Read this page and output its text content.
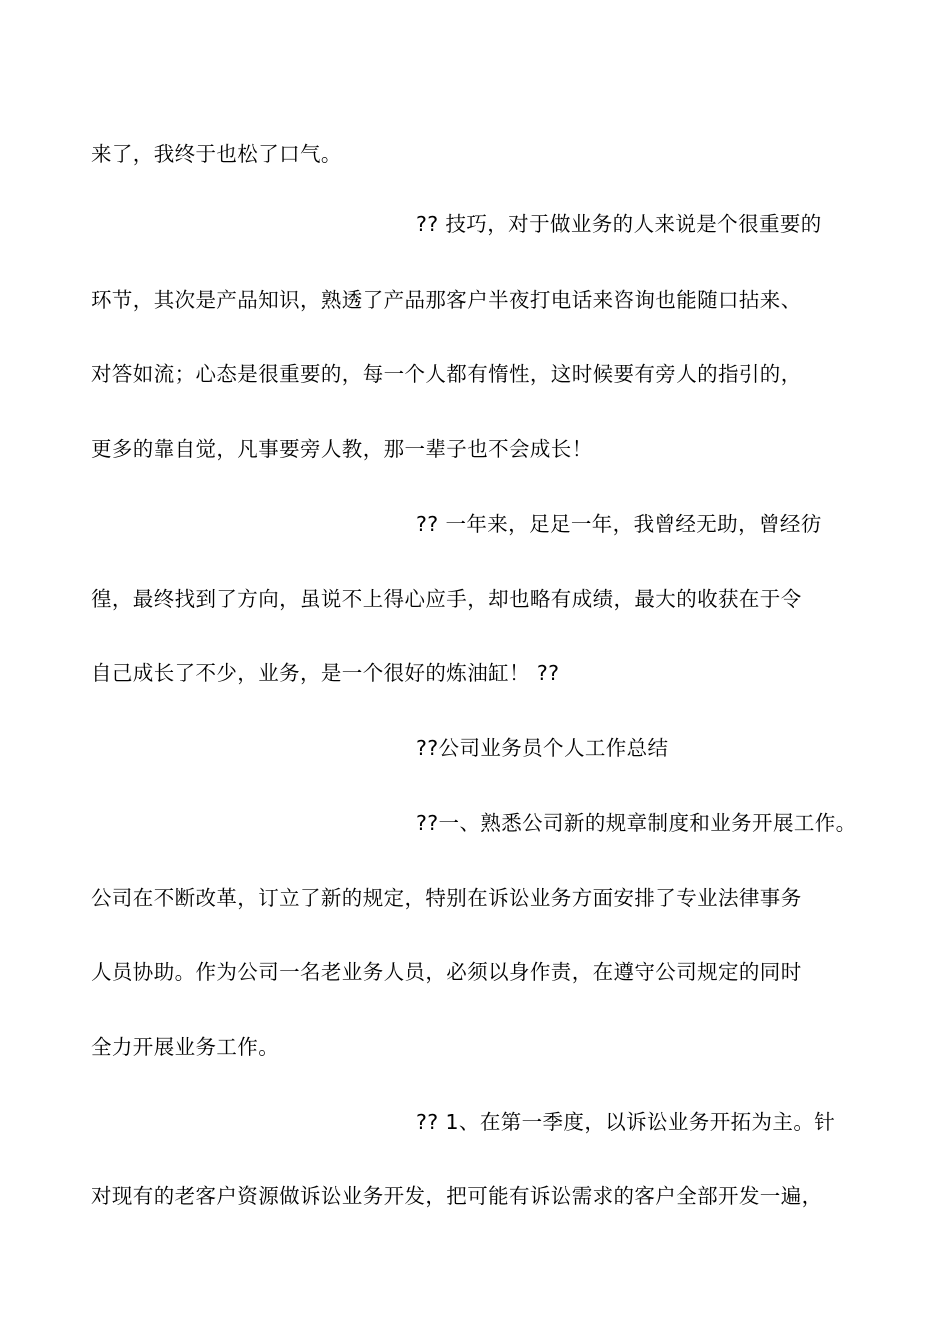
来了，我终于也松了口气。
?? 技巧，对于做业务的人来说是个很重要的
环节，其次是产品知识，熟透了产品那客户半夜打电话来咨询也能随口拈来、
对答如流；心态是很重要的，每一个人都有惰性，这时候要有旁人的指引的，
更多的靠自觉，凡事要旁人教，那一辈子也不会成长！
?? 一年来，足足一年，我曾经无助，曾经彷
徨，最终找到了方向，虽说不上得心应手，却也略有成绩，最大的收获在于令
自己成长了不少，业务，是一个很好的炼油缸！ ??
??公司业务员个人工作总结
??一、熟悉公司新的规章制度和业务开展工作。
公司在不断改革，订立了新的规定，特别在诉讼业务方面安排了专业法律事务
人员协助。作为公司一名老业务人员，必须以身作责，在遵守公司规定的同时
全力开展业务工作。
?? 1、在第一季度，以诉讼业务开拓为主。针
对现有的老客户资源做诉讼业务开发，把可能有诉讼需求的客户全部开发一遍，
